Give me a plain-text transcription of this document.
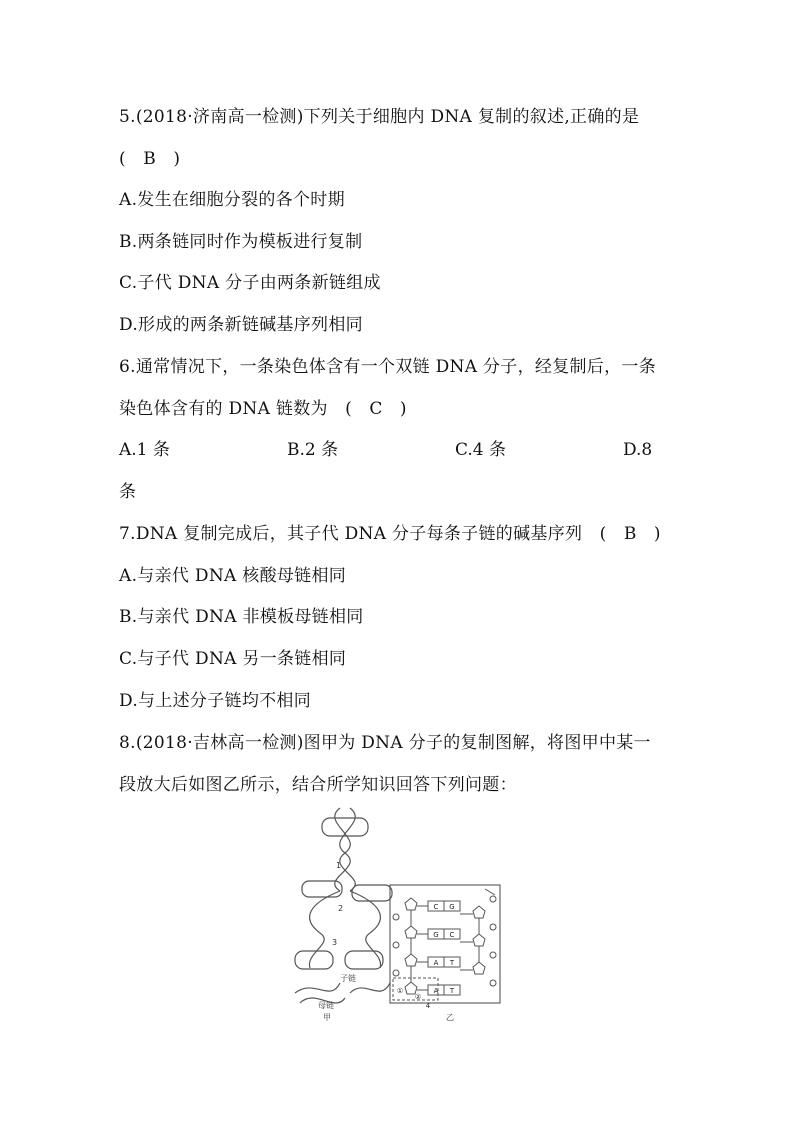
5.(2018·济南高一检测)下列关于细胞内 DNA 复制的叙述,正确的是
(　B　)
A.发生在细胞分裂的各个时期
B.两条链同时作为模板进行复制
C.子代 DNA 分子由两条新链组成
D.形成的两条新链碱基序列相同
6.通常情况下，一条染色体含有一个双链 DNA 分子，经复制后，一条
染色体含有的 DNA 链数为　(　C　)
A.1 条	B.2 条	C.4 条	D.8
条
7.DNA 复制完成后，其子代 DNA 分子每条子链的碱基序列　(　B　)
A.与亲代 DNA 核酸母链相同
B.与亲代 DNA 非模板母链相同
C.与子代 DNA 另一条链相同
D.与上述分子链均不相同
8.(2018·吉林高一检测)图甲为 DNA 分子的复制图解，将图甲中某一
段放大后如图乙所示，结合所学知识回答下列问题：
1
2
3
子链
母链
甲
C G
G C
A T
A T
①
②
4
乙
